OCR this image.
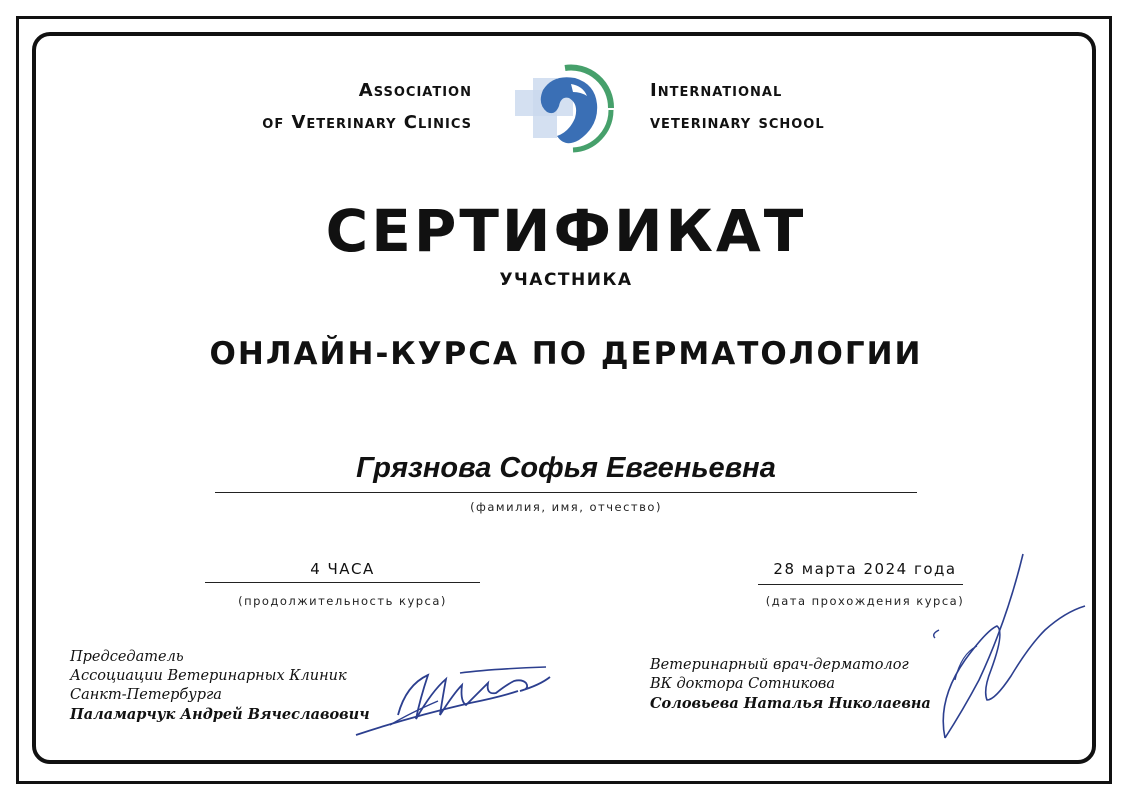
Association
of Veterinary Clinics
International
veterinary school
СЕРТИФИКАТ
УЧАСТНИКА
ОНЛАЙН-КУРСА ПО ДЕРМАТОЛОГИИ
Грязнова Софья Евгеньевна
(фамилия, имя, отчество)
4 ЧАСА
(продолжительность курса)
28 марта 2024 года
(дата прохождения курса)
Председатель
Ассоциации Ветеринарных Клиник
Санкт-Петербурга
Паламарчук Андрей Вячеславович
Ветеринарный врач-дерматолог
ВК доктора Сотникова
Соловьева Наталья Николаевна
